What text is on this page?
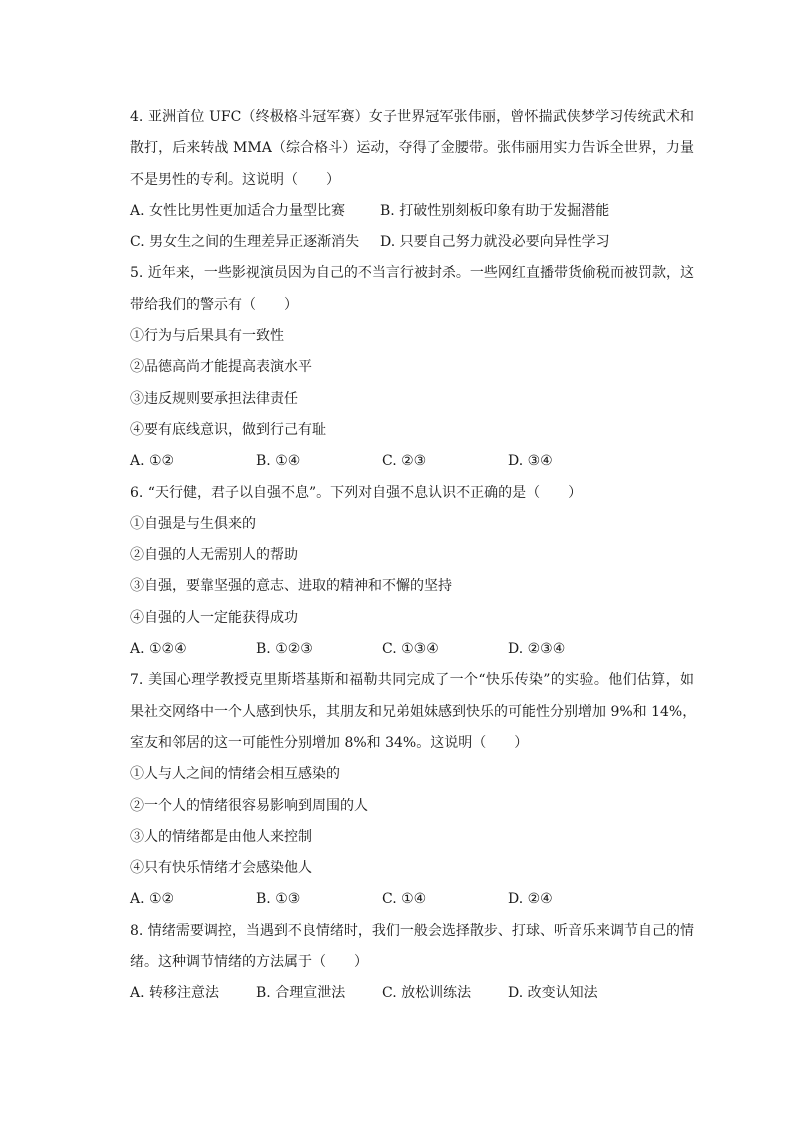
4. 亚洲首位 UFC（终极格斗冠军赛）女子世界冠军张伟丽，曾怀揣武侠梦学习传统武术和
散打，后来转战 MMA（综合格斗）运动，夺得了金腰带。张伟丽用实力告诉全世界，力量
不是男性的专利。这说明（　　）
A. 女性比男性更加适合力量型比赛	B. 打破性别刻板印象有助于发掘潜能
C. 男女生之间的生理差异正逐渐消失	D. 只要自己努力就没必要向异性学习
5. 近年来，一些影视演员因为自己的不当言行被封杀。一些网红直播带货偷税而被罚款，这
带给我们的警示有（　　）
①行为与后果具有一致性
②品德高尚才能提高表演水平
③违反规则要承担法律责任
④要有底线意识，做到行己有耻
A. ①②	B. ①④	C. ②③	D. ③④
6. “天行健，君子以自强不息”。下列对自强不息认识不正确的是（　　）
①自强是与生俱来的
②自强的人无需别人的帮助
③自强，要靠坚强的意志、进取的精神和不懈的坚持
④自强的人一定能获得成功
A. ①②④	B. ①②③	C. ①③④	D. ②③④
7. 美国心理学教授克里斯塔基斯和福勒共同完成了一个“快乐传染”的实验。他们估算，如
果社交网络中一个人感到快乐，其朋友和兄弟姐妹感到快乐的可能性分别增加 9%和 14%，
室友和邻居的这一可能性分别增加 8%和 34%。这说明（　　）
①人与人之间的情绪会相互感染的
②一个人的情绪很容易影响到周围的人
③人的情绪都是由他人来控制
④只有快乐情绪才会感染他人
A. ①②	B. ①③	C. ①④	D. ②④
8. 情绪需要调控，当遇到不良情绪时，我们一般会选择散步、打球、听音乐来调节自己的情
绪。这种调节情绪的方法属于（　　）
A. 转移注意法	B. 合理宣泄法	C. 放松训练法	D. 改变认知法
